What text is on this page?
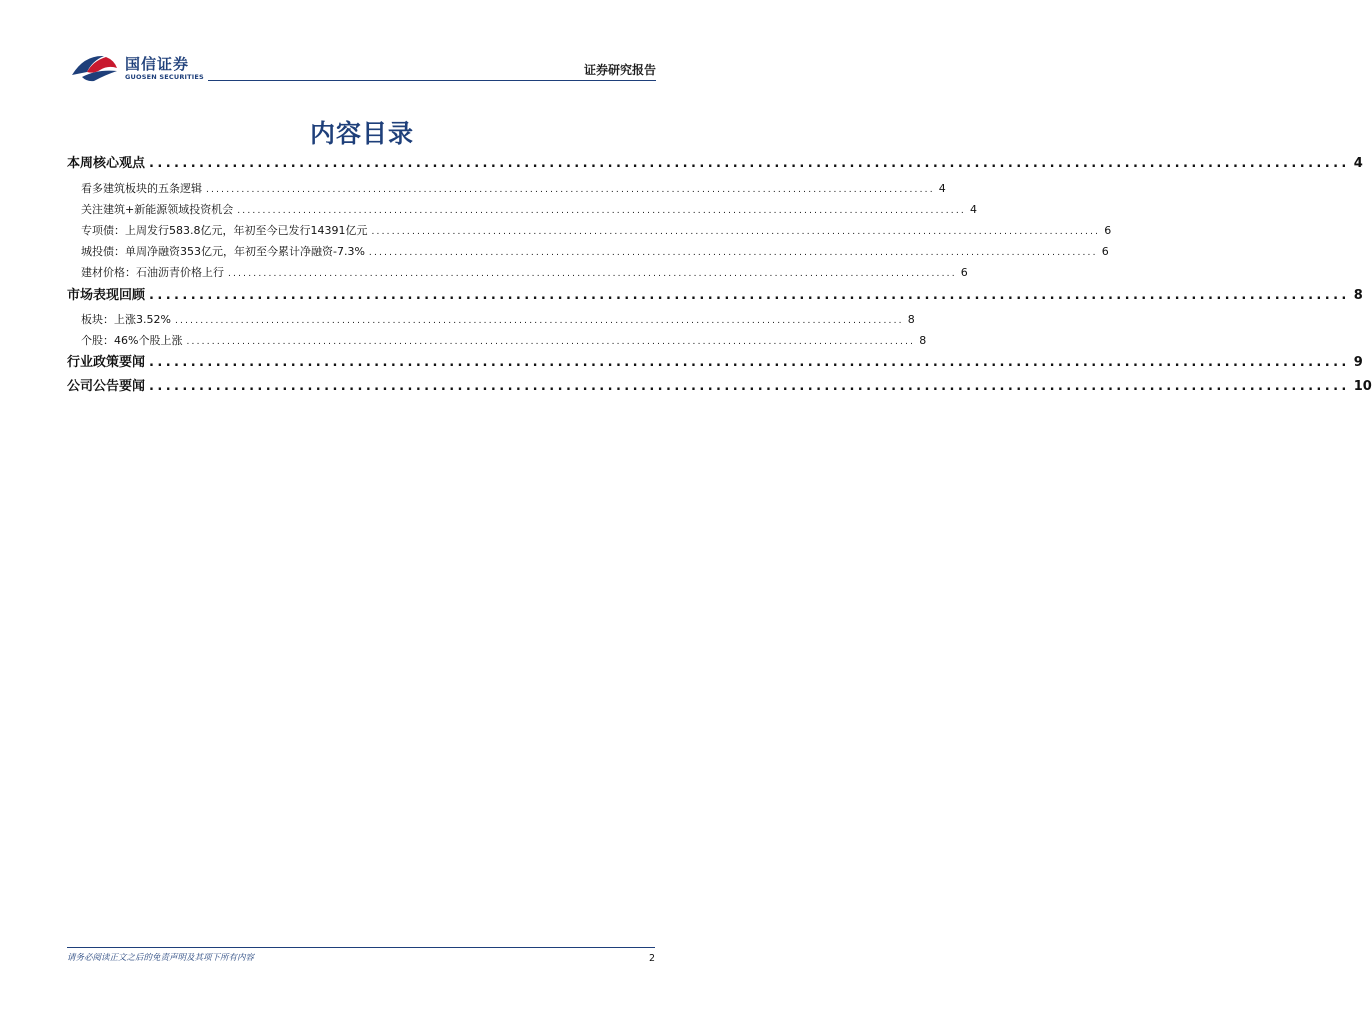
国信证券
GUOSEN SECURITIES	证券研究报告
内容目录
本周核心观点 ................................................................................................................................................ 4
看多建筑板块的五条逻辑 ................................................................................................................................................ 4
关注建筑+新能源领域投资机会 ................................................................................................................................................ 4
专项债：上周发行583.8亿元，年初至今已发行14391亿元 ................................................................................................................................................ 6
城投债：单周净融资353亿元，年初至今累计净融资-7.3% ................................................................................................................................................ 6
建材价格：石油沥青价格上行 ................................................................................................................................................ 6
市场表现回顾 ................................................................................................................................................ 8
板块：上涨3.52% ................................................................................................................................................ 8
个股：46%个股上涨 ................................................................................................................................................ 8
行业政策要闻 ................................................................................................................................................ 9
公司公告要闻 ................................................................................................................................................ 10
请务必阅读正文之后的免责声明及其项下所有内容	2
